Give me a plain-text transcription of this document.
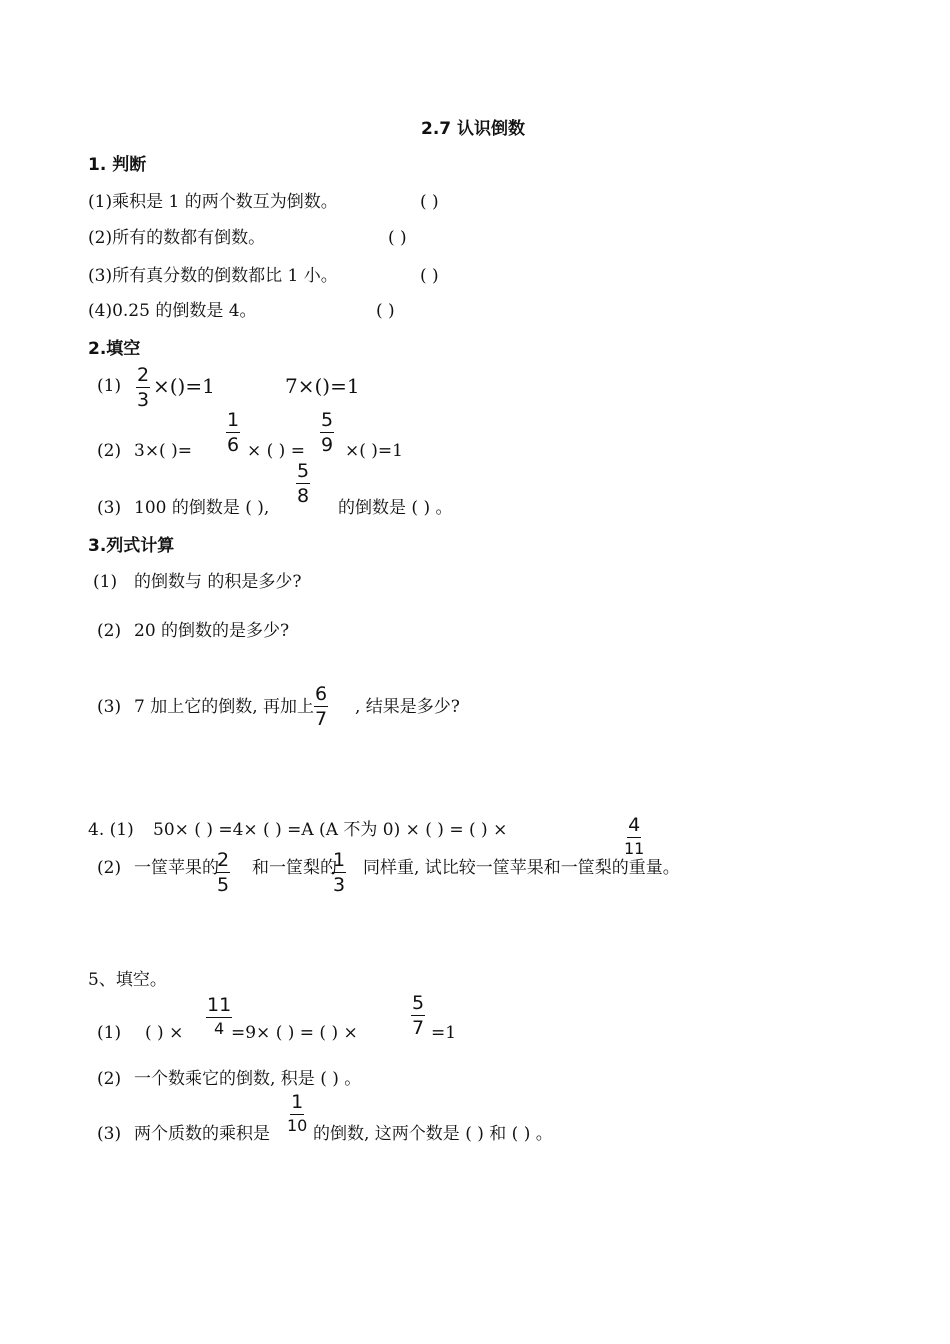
2.7 认识倒数
1. 判断
(1)乘积是 1 的两个数互为倒数。	( )
(2)所有的数都有倒数。	( )
(3)所有真分数的倒数都比 1 小。	( )
(4)0.25 的倒数是 4。	( )
2.填空
$(1) \frac{2}{3} \times()=1$	7×()=1
(2) 3×( )= $\frac{1}{6}$ × ( ) = $\frac{5}{9}$ ×( )=1
$\frac{5}{8}$
(3) 100 的倒数是 ( ),	的倒数是 ( ) 。
3.列式计算
(1) 的倒数与 的积是多少?
(2) 20 的倒数的是多少?
(3) 7 加上它的倒数, 再加上 $\frac{6}{7}$ , 结果是多少?
4. (1) 50× ( ) =4× ( ) =A (A 不为 0) × ( ) = ( ) ×	4
11
(2) 一筐苹果的
$\frac{2}{5}$ 和一筐梨的
$\frac{1}{3}$ 同样重, 试比较一筐苹果和一筐梨的重量。
5、填空。
(1) ( ) ×
11
4 =9× ( ) = ( ) ×	$\frac{5}{7} =1$
(2) 一个数乘它的倒数, 积是 ( ) 。
(3) 两个质数的乘积是
1
10 的倒数, 这两个数是 ( ) 和 ( ) 。
